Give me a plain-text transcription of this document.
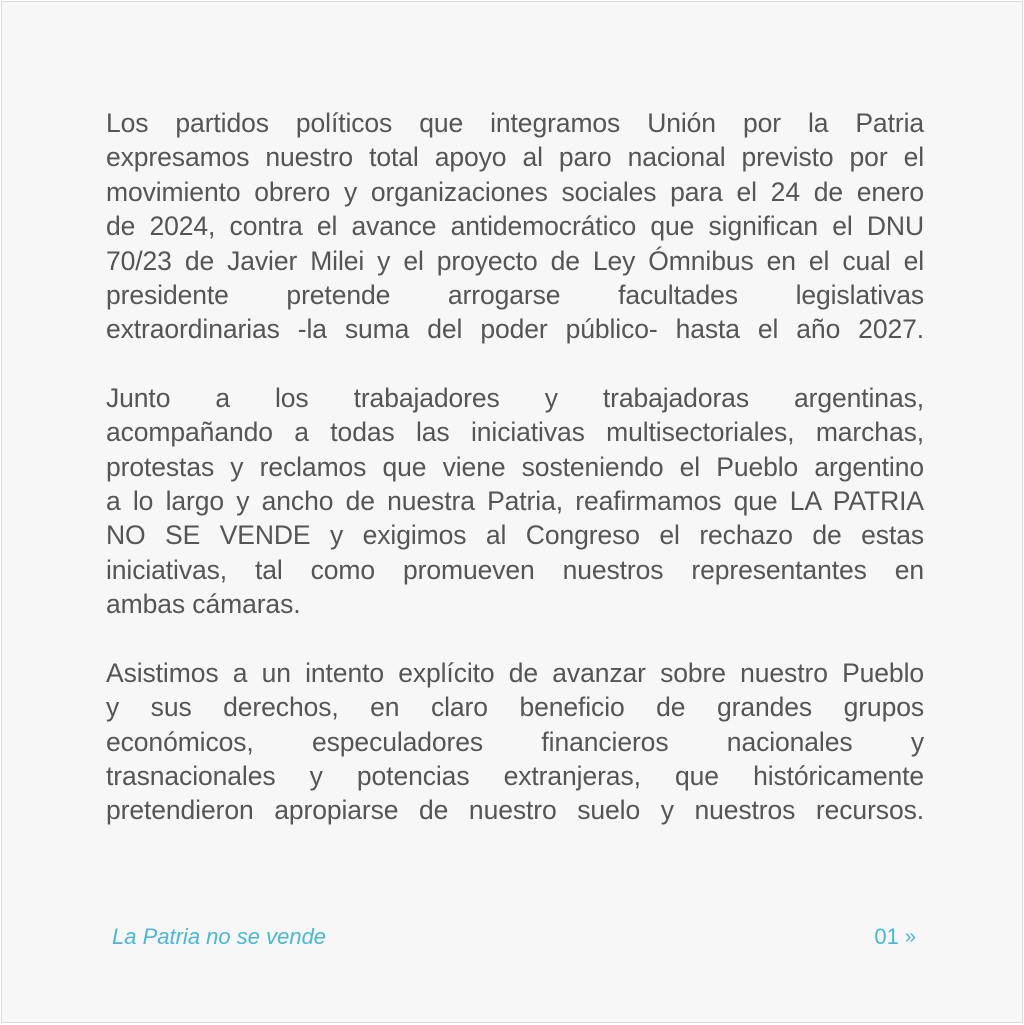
Los partidos políticos que integramos Unión por la Patria
expresamos nuestro total apoyo al paro nacional previsto por el
movimiento obrero y organizaciones sociales para el 24 de enero
de 2024, contra el avance antidemocrático que significan el DNU
70/23 de Javier Milei y el proyecto de Ley Ómnibus en el cual el
presidente pretende arrogarse facultades legislativas
extraordinarias -la suma del poder público- hasta el año 2027.

Junto a los trabajadores y trabajadoras argentinas,
acompañando a todas las iniciativas multisectoriales, marchas,
protestas y reclamos que viene sosteniendo el Pueblo argentino
a lo largo y ancho de nuestra Patria, reafirmamos que LA PATRIA
NO SE VENDE y exigimos al Congreso el rechazo de estas
iniciativas, tal como promueven nuestros representantes en
ambas cámaras.

Asistimos a un intento explícito de avanzar sobre nuestro Pueblo
y sus derechos, en claro beneficio de grandes grupos
económicos, especuladores financieros nacionales y
trasnacionales y potencias extranjeras, que históricamente
pretendieron apropiarse de nuestro suelo y nuestros recursos.

La Patria no se vende	01 »
